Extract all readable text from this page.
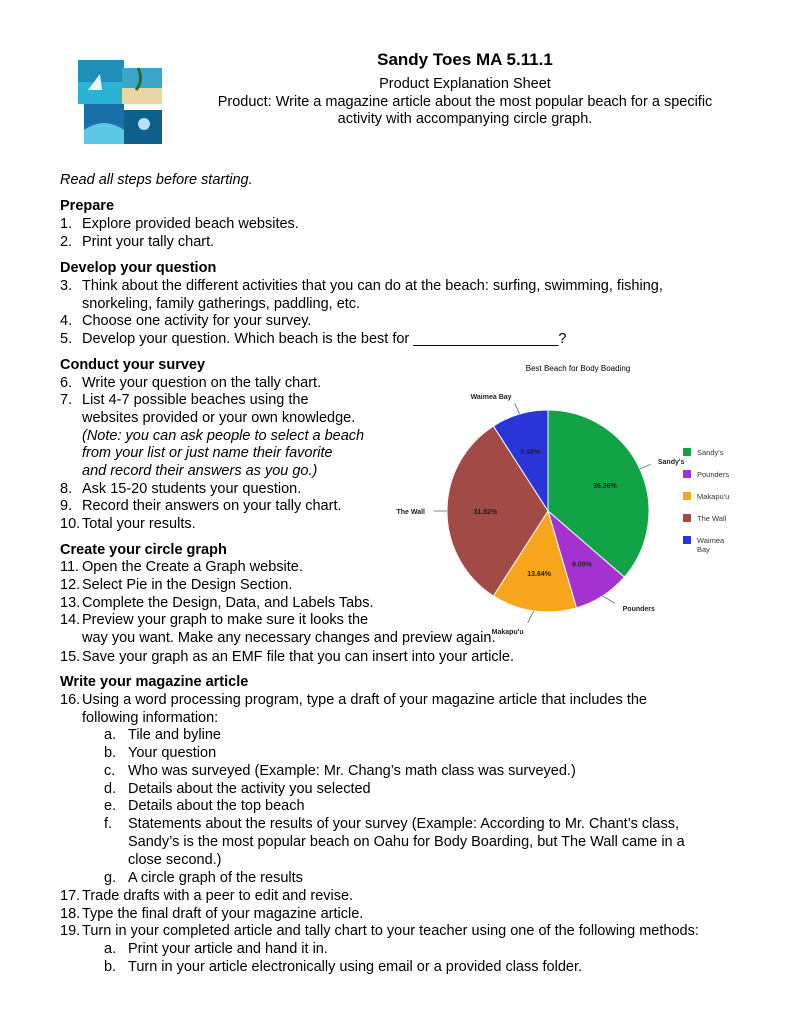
Sandy Toes MA 5.11.1
Product Explanation Sheet
Product: Write a magazine article about the most popular beach for a specific
activity with accompanying circle graph.
Read all steps before starting.
Prepare
1. Explore provided beach websites.
2. Print your tally chart.
Develop your question
3. Think about the different activities that you can do at the beach: surfing, swimming, fishing,
snorkeling, family gatherings, paddling, etc.
4. Choose one activity for your survey.
5. Develop your question. Which beach is the best for __________________?
Conduct your survey
6. Write your question on the tally chart.
7. List 4-7 possible beaches using the
websites provided or your own knowledge.
(Note: you can ask people to select a beach
from your list or just name their favorite
and record their answers as you go.)
8. Ask 15-20 students your question.
9. Record their answers on your tally chart.
10. Total your results.
Create your circle graph
11. Open the Create a Graph website.
12. Select Pie in the Design Section.
13. Complete the Design, Data, and Labels Tabs.
14. Preview your graph to make sure it looks the
way you want. Make any necessary changes and preview again.
15. Save your graph as an EMF file that you can insert into your article.
Write your magazine article
16. Using a word processing program, type a draft of your magazine article that includes the
following information:
a. Tile and byline
b. Your question
c. Who was surveyed (Example: Mr. Chang’s math class was surveyed.)
d. Details about the activity you selected
e. Details about the top beach
f. Statements about the results of your survey (Example: According to Mr. Chant’s class,
Sandy’s is the most popular beach on Oahu for Body Boarding, but The Wall came in a
close second.)
g. A circle graph of the results
17. Trade drafts with a peer to edit and revise.
18. Type the final draft of your magazine article.
19. Turn in your completed article and tally chart to your teacher using one of the following methods:
a. Print your article and hand it in.
b. Turn in your article electronically using email or a provided class folder.
Best Beach for Body Boading
36.36%
Sandy's
9.09%
Pounders
13.64%
Makapu'u
31.82%
The Wall
9.08%
Waimea Bay
Sandy's
Pounders
Makapu'u
The Wall
Waimea Bay
